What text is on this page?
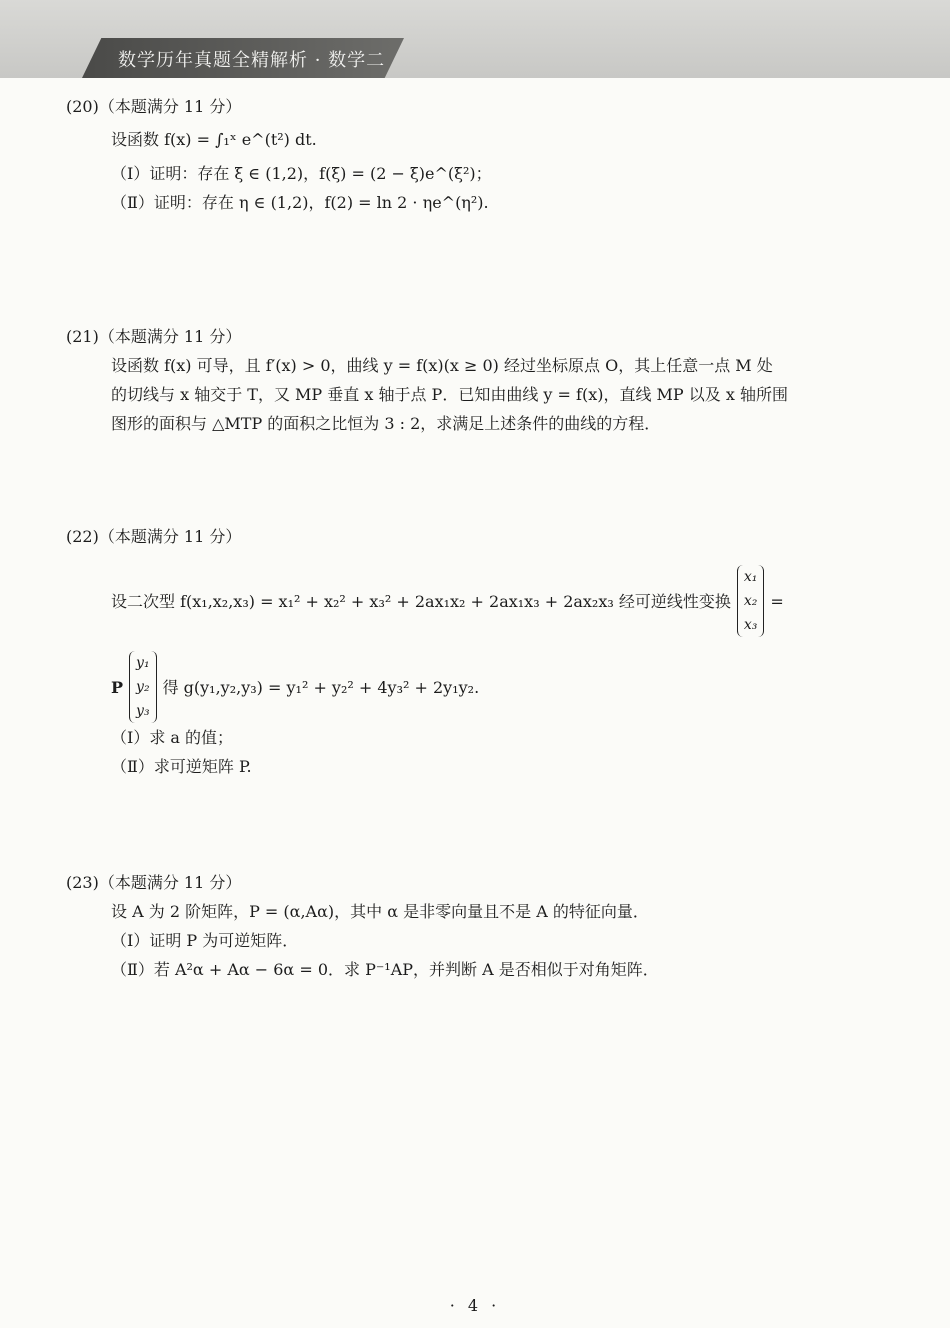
数学历年真题全精解析 · 数学二

(20)（本题满分 11 分）

设函数 f(x) = ∫₁ˣ e^(t²) dt.

（Ⅰ）证明：存在 ξ ∈ (1,2)，f(ξ) = (2 − ξ)e^(ξ²)；

（Ⅱ）证明：存在 η ∈ (1,2)，f(2) = ln 2 · ηe^(η²).

(21)（本题满分 11 分）

设函数 f(x) 可导，且 f′(x) > 0，曲线 y = f(x)(x ≥ 0) 经过坐标原点 O，其上任意一点 M 处

的切线与 x 轴交于 T，又 MP 垂直 x 轴于点 P．已知由曲线 y = f(x)，直线 MP 以及 x 轴所围

图形的面积与 △MTP 的面积之比恒为 3 : 2，求满足上述条件的曲线的方程．

(22)（本题满分 11 分）

设二次型 f(x₁,x₂,x₃) = x₁² + x₂² + x₃² + 2ax₁x₂ + 2ax₁x₃ + 2ax₂x₃ 经可逆线性变换
x₁
x₂
x₃
=
P
y₁
y₂
y₃
得 g(y₁,y₂,y₃) = y₁² + y₂² + 4y₃² + 2y₁y₂.

（Ⅰ）求 a 的值；

（Ⅱ）求可逆矩阵 P.

(23)（本题满分 11 分）

设 A 为 2 阶矩阵，P = (α,Aα)，其中 α 是非零向量且不是 A 的特征向量．

（Ⅰ）证明 P 为可逆矩阵．

（Ⅱ）若 A²α + Aα − 6α = 0．求 P⁻¹AP，并判断 A 是否相似于对角矩阵．

· 4 ·
